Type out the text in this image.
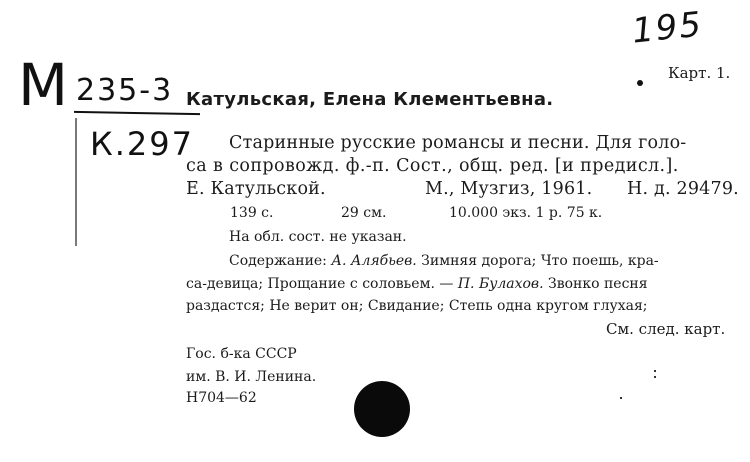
195
Карт. 1.
М 235-3
К.297
Катульская, Елена Клементьевна.
Старинные русские романсы и песни. Для голо-
са в сопровожд. ф.-п. Сост., общ. ред. [и предисл.].
Е. Катульской.	М., Музгиз, 1961. Н. д. 29479.
139 с.	29 см.	10.000 экз. 1 р. 75 к.
На обл. сост. не указан.
Содержание: А. Алябьев. Зимняя дорога; Что поешь, кра-
са-девица; Прощание с соловьем. — П. Булахов. Звонко песня
раздастся; Не верит он; Свидание; Степь одна кругом глухая;
См. след. карт.
Гос. б-ка СССР
им. В. И. Ленина.
Н704—62
